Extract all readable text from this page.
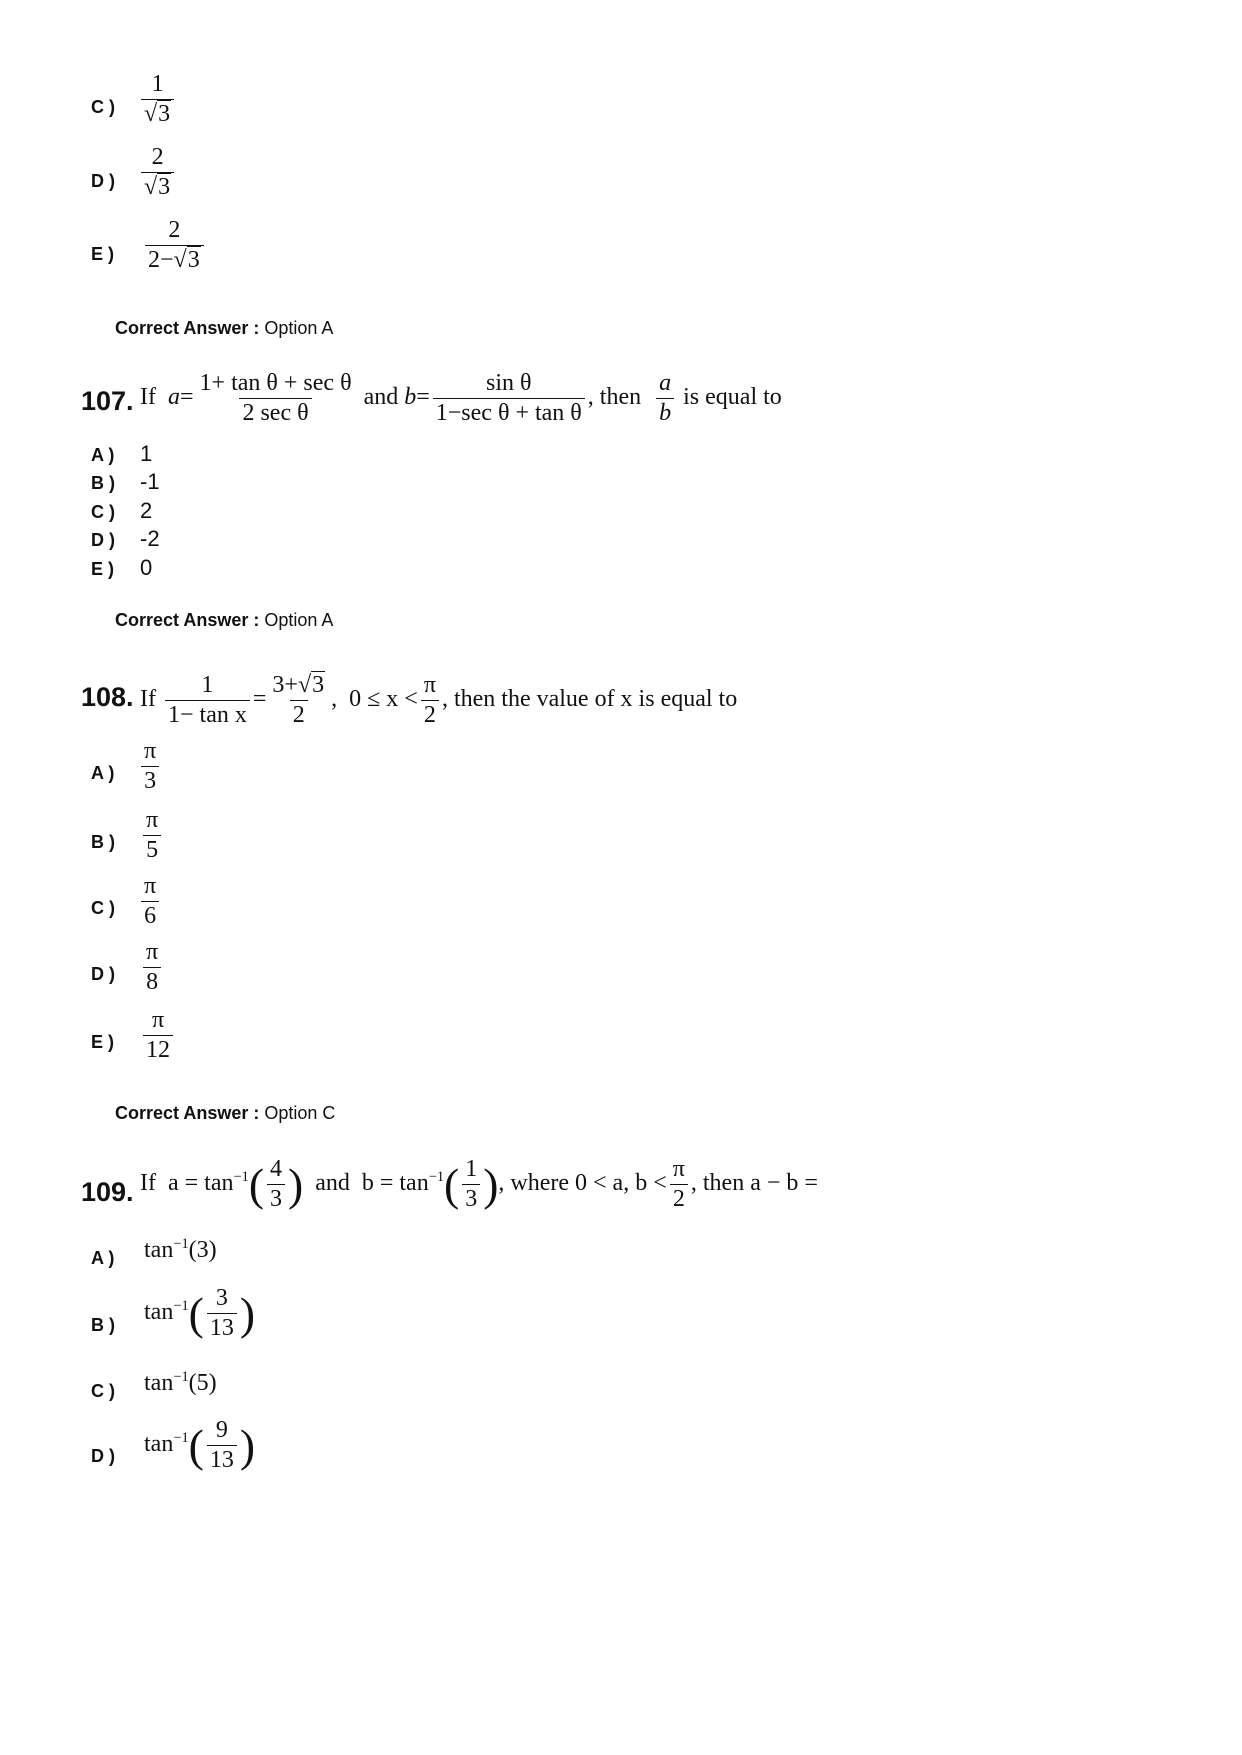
C ) $\frac{1}{√3}$
D ) $\frac{2}{√3}$
E ) $\frac{2}{2-√3}$
Correct Answer : Option A
107. If $a= \frac{\text{1+ tan θ + sec θ}}{\text{2 sec θ}}$ and $b= \frac{\text{sin θ}}{\text{1−sec θ + tan θ}}$ , then $\frac{a}{b}$ is equal to
A ) 1
B ) -1
C ) 2
D ) -2
E ) 0
Correct Answer : Option A
108. If $\frac{1}{\text{1− tan x}} = \frac{3+√3}{2}$ , $0 \le x < \frac{\pi}{2}$ , then the value of x is equal to
A ) $\frac{\pi}{3}$
B ) $\frac{\pi}{5}$
C ) $\frac{\pi}{6}$
D ) $\frac{\pi}{8}$
E ) $\frac{\pi}{12}$
Correct Answer : Option C
109. If $a = \tan^{-1}( \frac{4}{3}$ ) and $b = \tan^{-1}( \frac{1}{3}$ ), where 0 < a, $b < \frac{\pi}{2}$ , then a − b =
A ) $\tan^{-1}(3)$
B ) $\tan^{-1}( \frac{3}{13}$ )
C ) $\tan^{-1}(5)$
D ) $\tan^{-1}( \frac{9}{13}$ )
